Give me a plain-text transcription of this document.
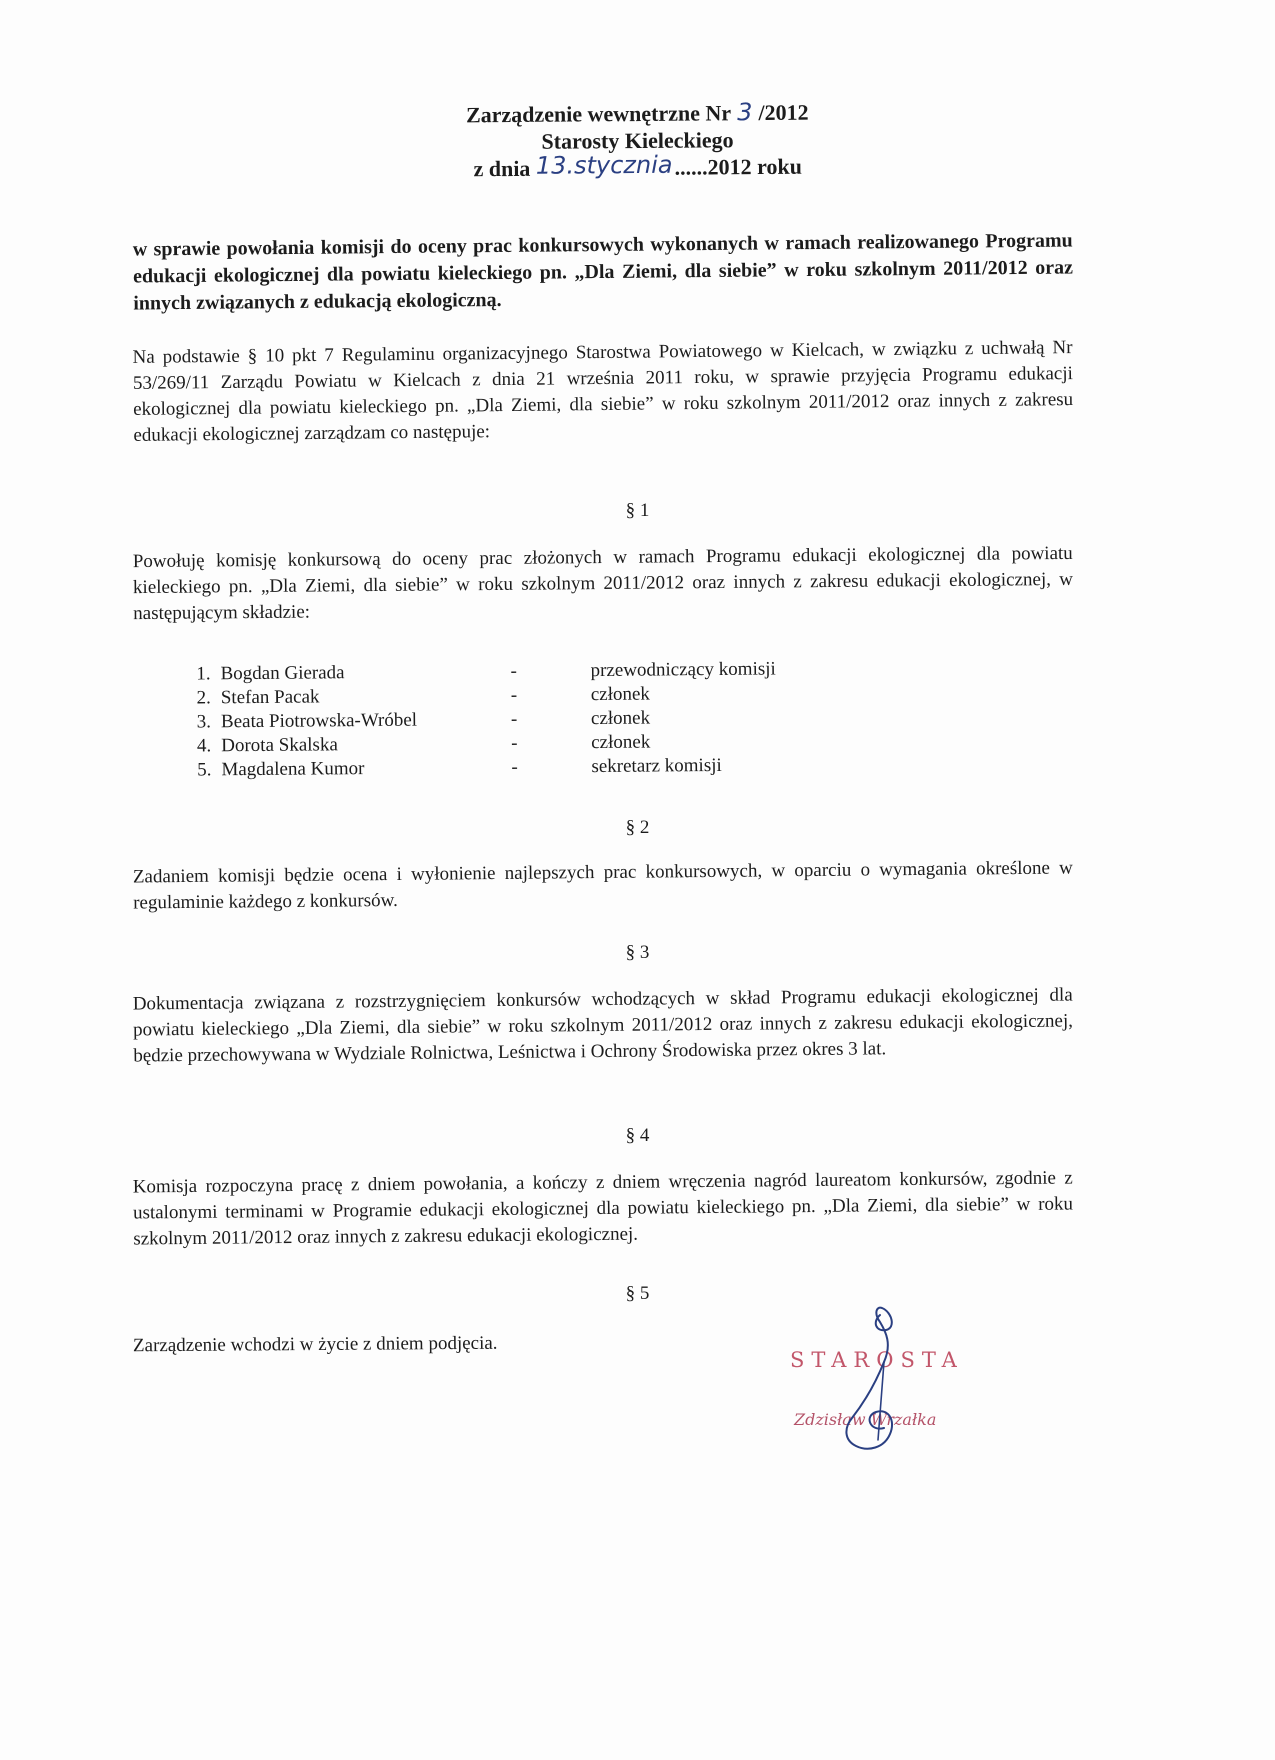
Zarządzenie wewnętrzne Nr 3 /2012
Starosty Kieleckiego
z dnia 13.stycznia......2012 roku
w sprawie powołania komisji do oceny prac konkursowych wykonanych w ramach realizowanego Programu edukacji ekologicznej dla powiatu kieleckiego pn. „Dla Ziemi, dla siebie” w roku szkolnym 2011/2012 oraz innych związanych z edukacją ekologiczną.
Na podstawie § 10 pkt 7 Regulaminu organizacyjnego Starostwa Powiatowego w Kielcach, w związku z uchwałą Nr 53/269/11 Zarządu Powiatu w Kielcach z dnia 21 września 2011 roku, w sprawie przyjęcia Programu edukacji ekologicznej dla powiatu kieleckiego pn. „Dla Ziemi, dla siebie” w roku szkolnym 2011/2012 oraz innych z zakresu edukacji ekologicznej zarządzam co następuje:
§ 1
Powołuję komisję konkursową do oceny prac złożonych w ramach Programu edukacji ekologicznej dla powiatu kieleckiego pn. „Dla Ziemi, dla siebie” w roku szkolnym 2011/2012 oraz innych z zakresu edukacji ekologicznej, w następującym składzie:
1. Bogdan Gierada	-	przewodniczący komisji
2. Stefan Pacak	-	członek
3. Beata Piotrowska-Wróbel	-	członek
4. Dorota Skalska	-	członek
5. Magdalena Kumor	-	sekretarz komisji
§ 2
Zadaniem komisji będzie ocena i wyłonienie najlepszych prac konkursowych, w oparciu o wymagania określone w regulaminie każdego z konkursów.
§ 3
Dokumentacja związana z rozstrzygnięciem konkursów wchodzących w skład Programu edukacji ekologicznej dla powiatu kieleckiego „Dla Ziemi, dla siebie” w roku szkolnym 2011/2012 oraz innych z zakresu edukacji ekologicznej, będzie przechowywana w Wydziale Rolnictwa, Leśnictwa i Ochrony Środowiska przez okres 3 lat.
§ 4
Komisja rozpoczyna pracę z dniem powołania, a kończy z dniem wręczenia nagród laureatom konkursów, zgodnie z ustalonymi terminami w Programie edukacji ekologicznej dla powiatu kieleckiego pn. „Dla Ziemi, dla siebie” w roku szkolnym 2011/2012 oraz innych z zakresu edukacji ekologicznej.
§ 5
Zarządzenie wchodzi w życie z dniem podjęcia.
STAROSTA
Zdzisław Wrzałka
